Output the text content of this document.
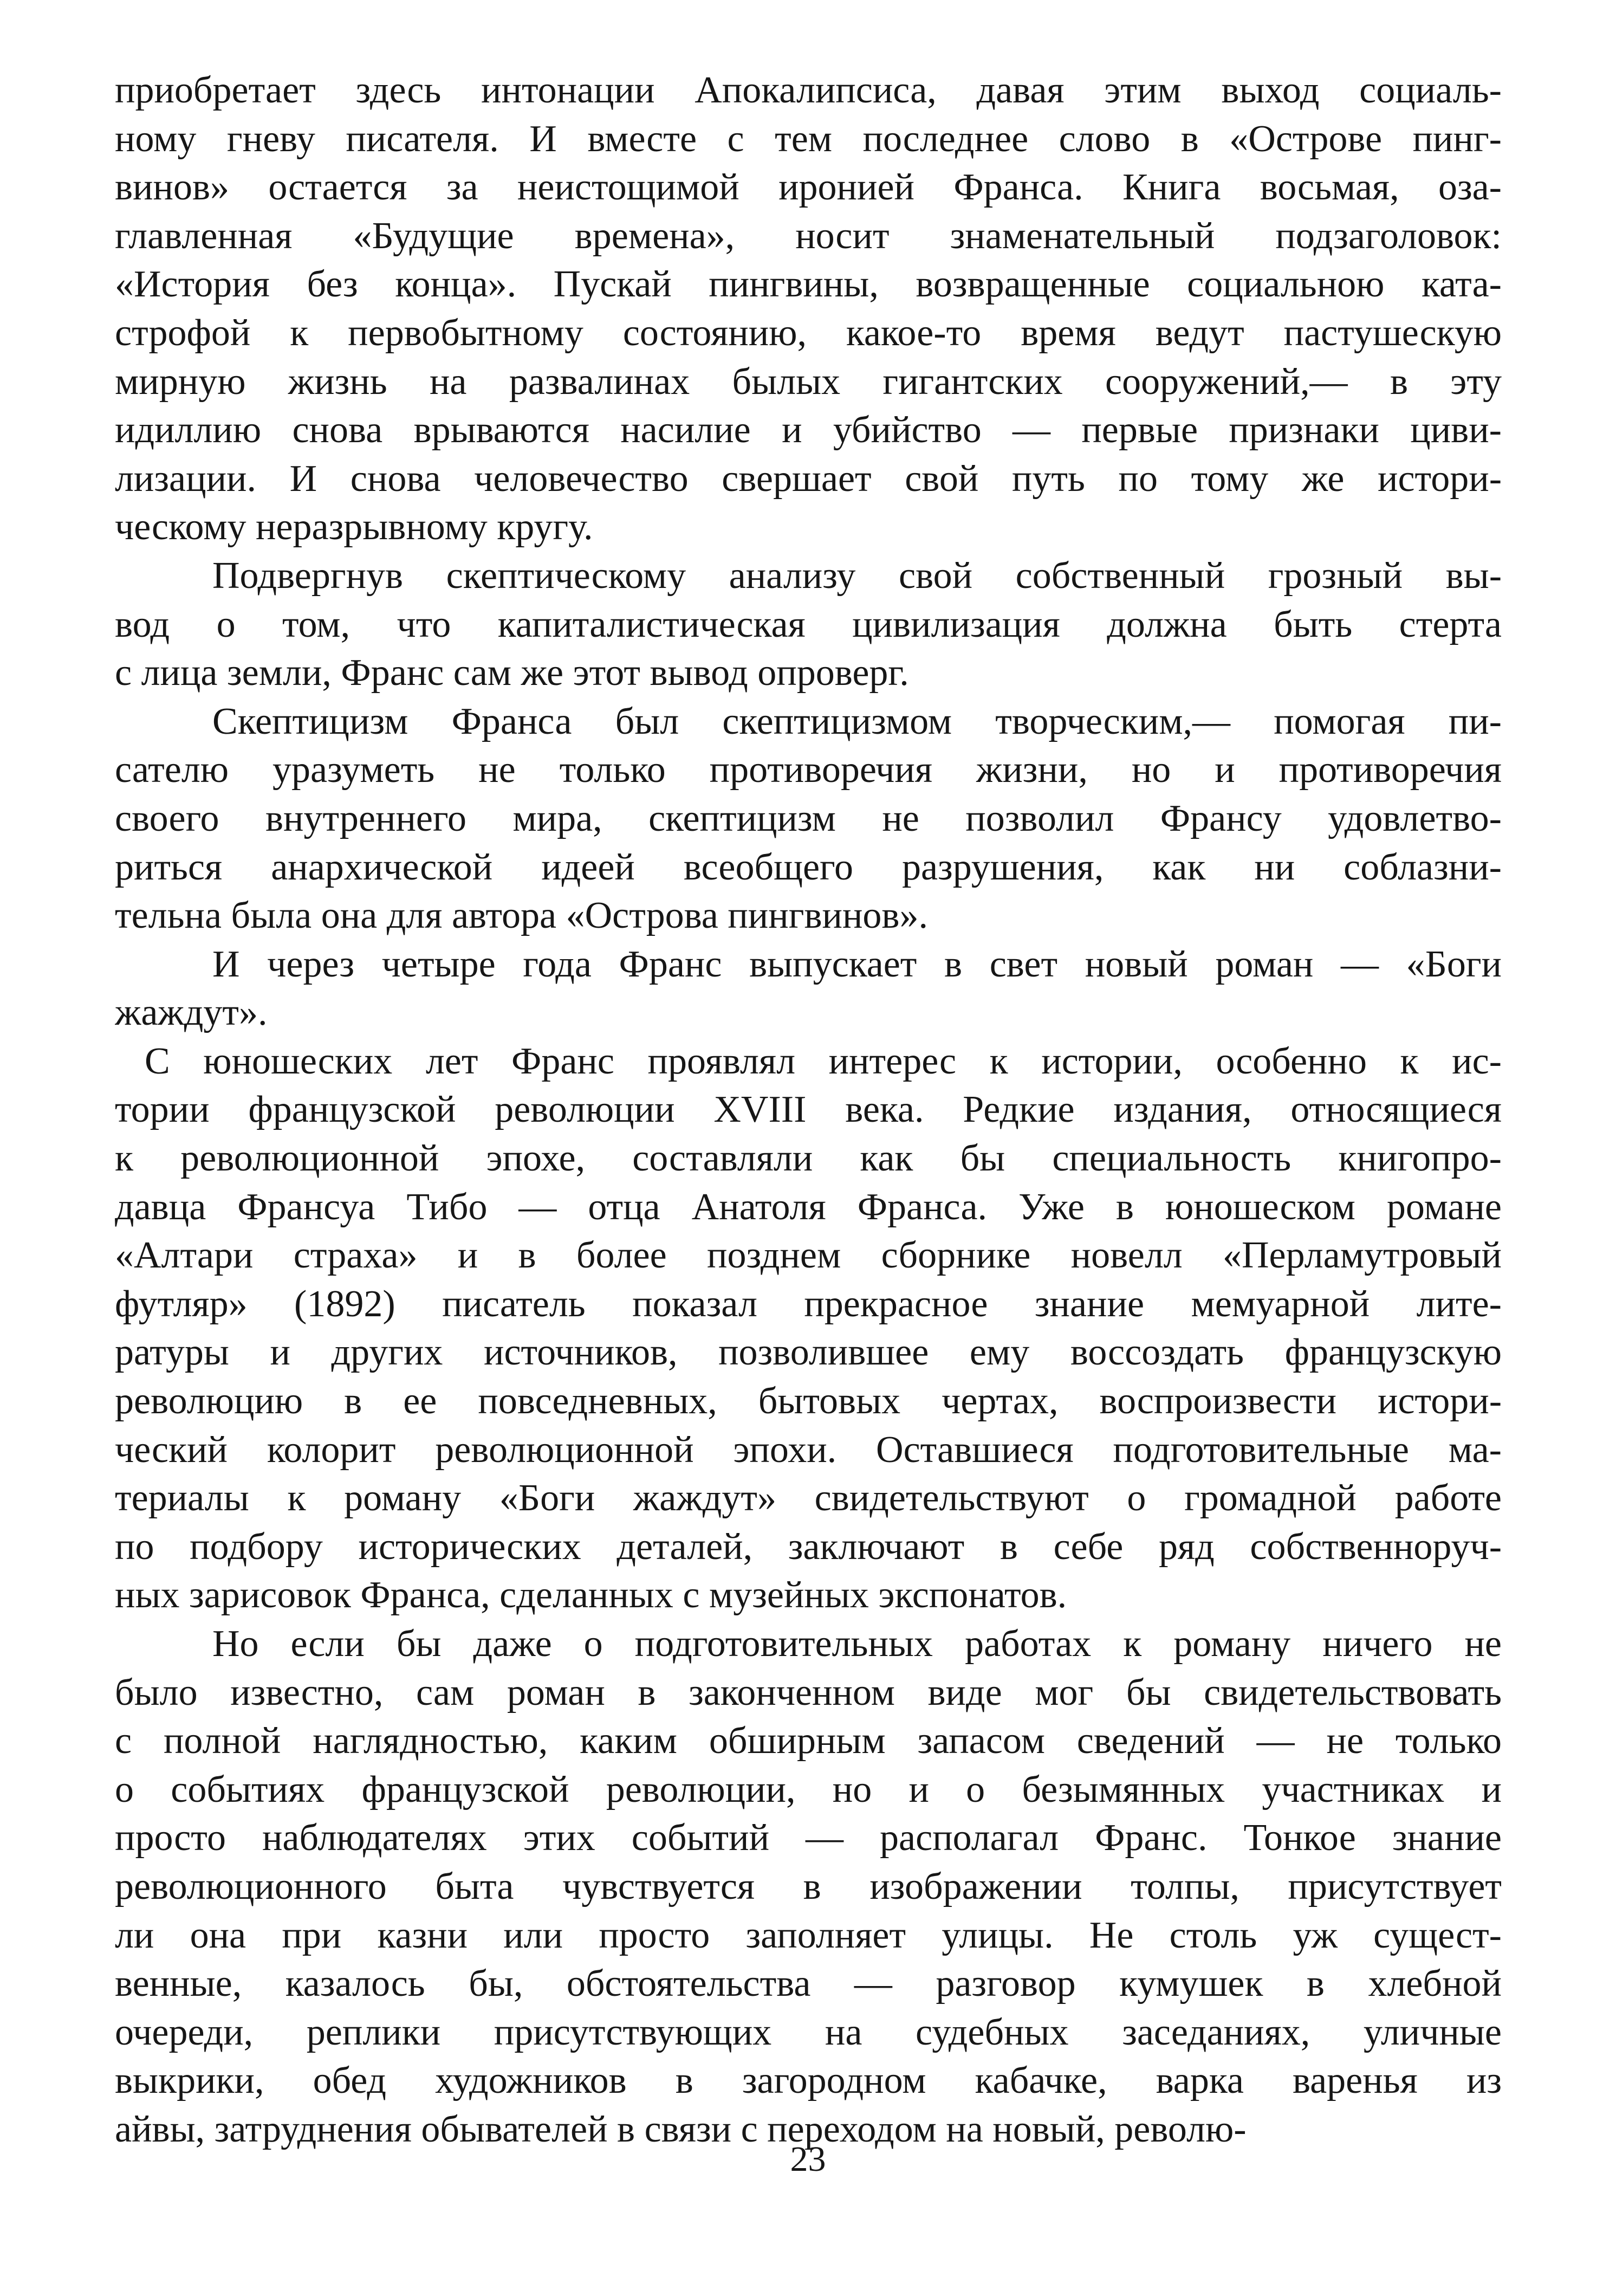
приобретает здесь интонации Апокалипсиса, давая этим выход социаль-
ному гневу писателя. И вместе с тем последнее слово в «Острове пинг-
винов» остается за неистощимой иронией Франса. Книга восьмая, оза-
главленная «Будущие времена», носит знаменательный подзаголовок:
«История без конца». Пускай пингвины, возвращенные социальною ката-
строфой к первобытному состоянию, какое-то время ведут пастушескую
мирную жизнь на развалинах былых гигантских сооружений,— в эту
идиллию снова врываются насилие и убийство — первые признаки циви-
лизации. И снова человечество свершает свой путь по тому же истори-
ческому неразрывному кругу.
Подвергнув скептическому анализу свой собственный грозный вы-
вод о том, что капиталистическая цивилизация должна быть стерта
с лица земли, Франс сам же этот вывод опроверг.
Скептицизм Франса был скептицизмом творческим,— помогая пи-
сателю уразуметь не только противоречия жизни, но и противоречия
своего внутреннего мира, скептицизм не позволил Франсу удовлетво-
риться анархической идеей всеобщего разрушения, как ни соблазни-
тельна была она для автора «Острова пингвинов».
И через четыре года Франс выпускает в свет новый роман — «Боги
жаждут».
С юношеских лет Франс проявлял интерес к истории, особенно к ис-
тории французской революции XVIII века. Редкие издания, относящиеся
к революционной эпохе, составляли как бы специальность книгопро-
давца Франсуа Тибо — отца Анатоля Франса. Уже в юношеском романе
«Алтари страха» и в более позднем сборнике новелл «Перламутровый
футляр» (1892) писатель показал прекрасное знание мемуарной лите-
ратуры и других источников, позволившее ему воссоздать французскую
революцию в ее повседневных, бытовых чертах, воспроизвести истори-
ческий колорит революционной эпохи. Оставшиеся подготовительные ма-
териалы к роману «Боги жаждут» свидетельствуют о громадной работе
по подбору исторических деталей, заключают в себе ряд собственноруч-
ных зарисовок Франса, сделанных с музейных экспонатов.
Но если бы даже о подготовительных работах к роману ничего не
было известно, сам роман в законченном виде мог бы свидетельствовать
с полной наглядностью, каким обширным запасом сведений — не только
о событиях французской революции, но и о безымянных участниках и
просто наблюдателях этих событий — располагал Франс. Тонкое знание
революционного быта чувствуется в изображении толпы, присутствует
ли она при казни или просто заполняет улицы. Не столь уж сущест-
венные, казалось бы, обстоятельства — разговор кумушек в хлебной
очереди, реплики присутствующих на судебных заседаниях, уличные
выкрики, обед художников в загородном кабачке, варка варенья из
айвы, затруднения обывателей в связи с переходом на новый, револю-
23
